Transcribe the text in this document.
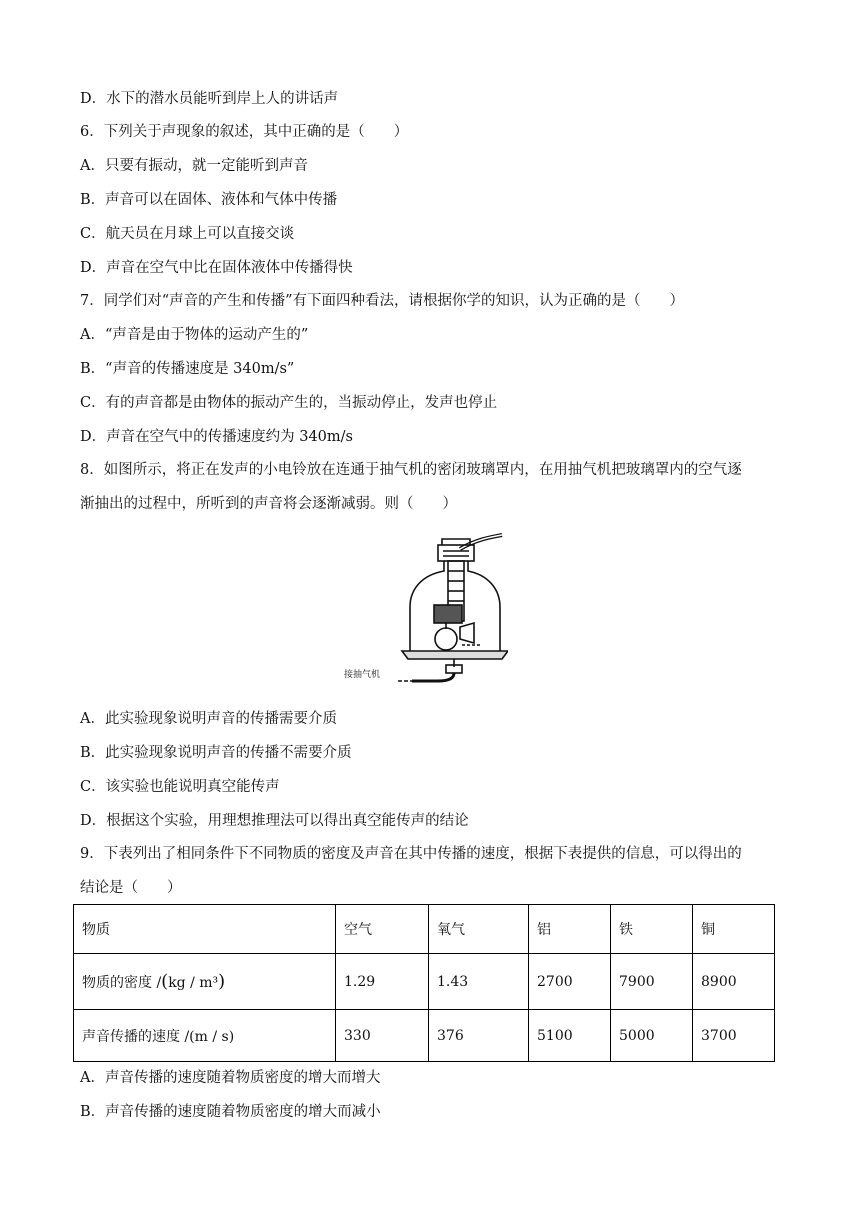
D．水下的潜水员能听到岸上人的讲话声
6．下列关于声现象的叙述，其中正确的是（　　）
A．只要有振动，就一定能听到声音
B．声音可以在固体、液体和气体中传播
C．航天员在月球上可以直接交谈
D．声音在空气中比在固体液体中传播得快
7．同学们对“声音的产生和传播”有下面四种看法，请根据你学的知识，认为正确的是（　　）
A．“声音是由于物体的运动产生的”
B．“声音的传播速度是 340m/s”
C．有的声音都是由物体的振动产生的，当振动停止，发声也停止
D．声音在空气中的传播速度约为 340m/s
8．如图所示，将正在发声的小电铃放在连通于抽气机的密闭玻璃罩内，在用抽气机把玻璃罩内的空气逐
渐抽出的过程中，所听到的声音将会逐渐减弱。则（　　）
接抽气机
A．此实验现象说明声音的传播需要介质
B．此实验现象说明声音的传播不需要介质
C．该实验也能说明真空能传声
D．根据这个实验，用理想推理法可以得出真空能传声的结论
9．下表列出了相同条件下不同物质的密度及声音在其中传播的速度，根据下表提供的信息，可以得出的
结论是（　　）
物质	空气	氧气	铝	铁	铜
物质的密度 /(kg / m³)	1.29	1.43	2700	7900	8900
声音传播的速度 /(m / s)	330	376	5100	5000	3700
A．声音传播的速度随着物质密度的增大而增大
B．声音传播的速度随着物质密度的增大而减小
